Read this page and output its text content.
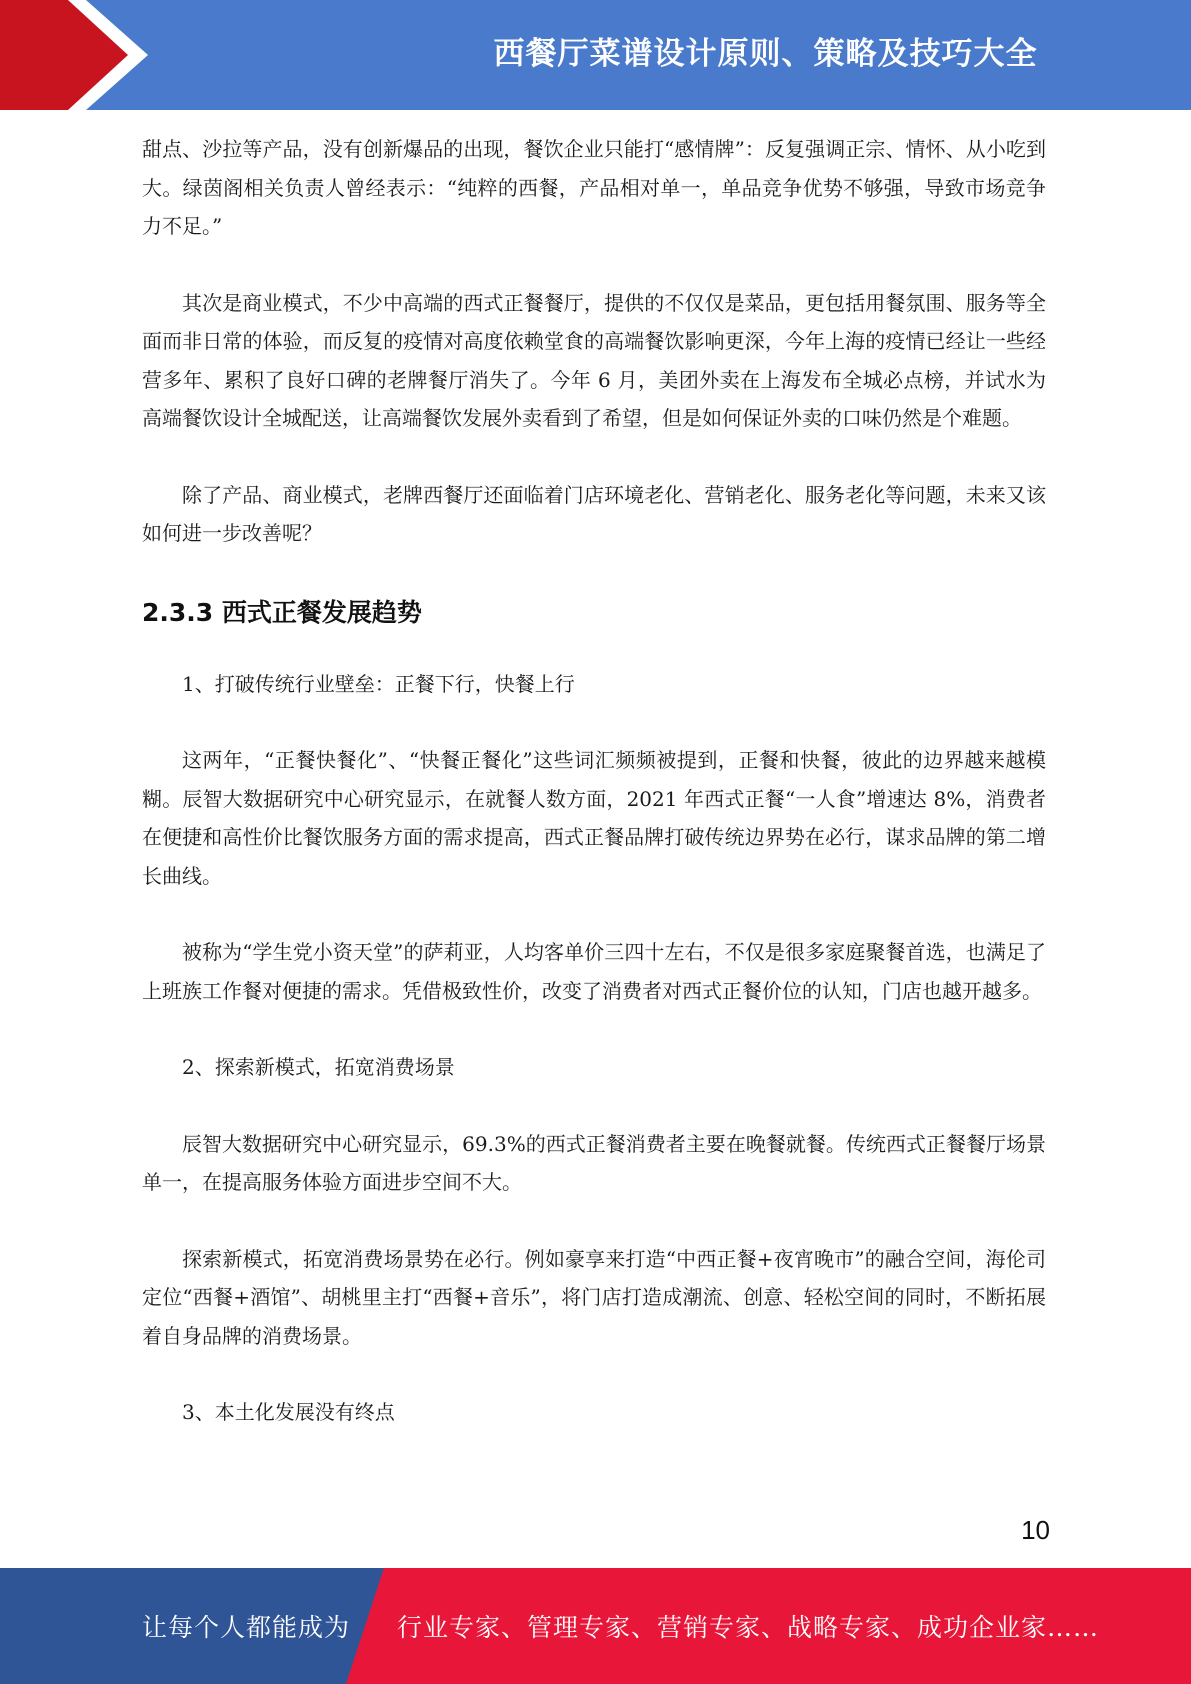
西餐厅菜谱设计原则、策略及技巧大全

甜点、沙拉等产品，没有创新爆品的出现，餐饮企业只能打“感情牌”：反复强调正宗、情怀、从小吃到大。绿茵阁相关负责人曾经表示：“纯粹的西餐，产品相对单一，单品竞争优势不够强，导致市场竞争力不足。”

其次是商业模式，不少中高端的西式正餐餐厅，提供的不仅仅是菜品，更包括用餐氛围、服务等全面而非日常的体验，而反复的疫情对高度依赖堂食的高端餐饮影响更深，今年上海的疫情已经让一些经营多年、累积了良好口碑的老牌餐厅消失了。今年 6 月，美团外卖在上海发布全城必点榜，并试水为高端餐饮设计全城配送，让高端餐饮发展外卖看到了希望，但是如何保证外卖的口味仍然是个难题。

除了产品、商业模式，老牌西餐厅还面临着门店环境老化、营销老化、服务老化等问题，未来又该如何进一步改善呢？

2.3.3 西式正餐发展趋势

1、打破传统行业壁垒：正餐下行，快餐上行

这两年，“正餐快餐化”、“快餐正餐化”这些词汇频频被提到，正餐和快餐，彼此的边界越来越模糊。辰智大数据研究中心研究显示，在就餐人数方面，2021 年西式正餐“一人食”增速达 8%，消费者在便捷和高性价比餐饮服务方面的需求提高，西式正餐品牌打破传统边界势在必行，谋求品牌的第二增长曲线。

被称为“学生党小资天堂”的萨莉亚，人均客单价三四十左右，不仅是很多家庭聚餐首选，也满足了上班族工作餐对便捷的需求。凭借极致性价，改变了消费者对西式正餐价位的认知，门店也越开越多。

2、探索新模式，拓宽消费场景

辰智大数据研究中心研究显示，69.3%的西式正餐消费者主要在晚餐就餐。传统西式正餐餐厅场景单一，在提高服务体验方面进步空间不大。

探索新模式，拓宽消费场景势在必行。例如豪享来打造“中西正餐+夜宵晚市”的融合空间，海伦司定位“西餐+酒馆”、胡桃里主打“西餐+音乐”，将门店打造成潮流、创意、轻松空间的同时，不断拓展着自身品牌的消费场景。

3、本土化发展没有终点

10
让每个人都能成为 行业专家、管理专家、营销专家、战略专家、成功企业家……
